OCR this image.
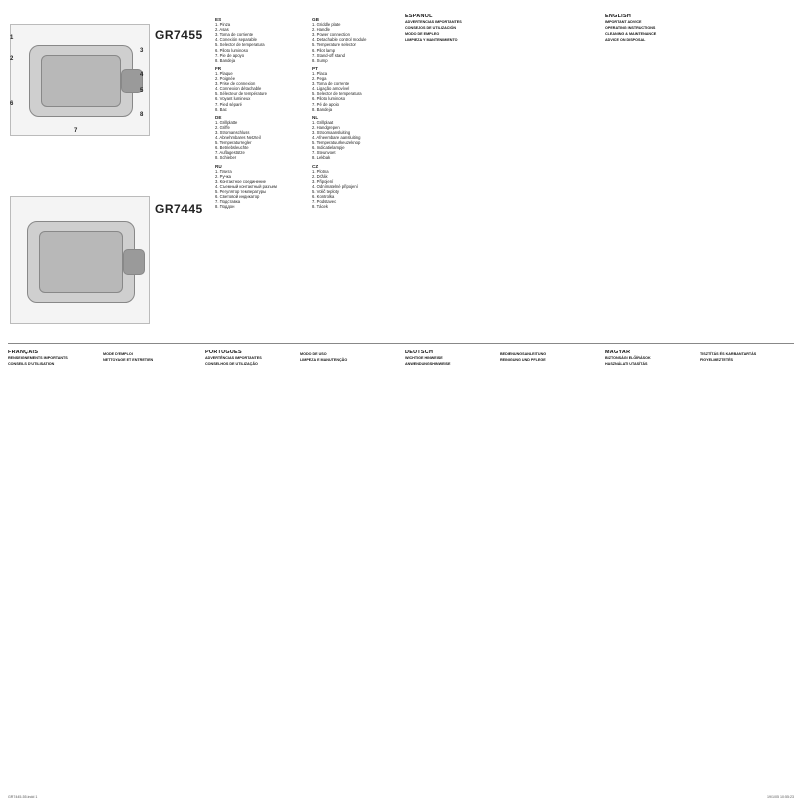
GR7455
GR7445
ES
1. Pinza
2. Asas
3. Toma de corriente
4. Conexión separable
5. Selector de temperatura
6. Piloto luminoso
7. Pie de apoyo
8. Bandeja
FR
1. Plaque
2. Poignée
3. Prise de connexion
4. Connexion détachable
5. Sélecteur de température
6. Voyant lumineux
7. Pied séparé
8. Bac
DE
1. Grillplatte
2. Griffe
3. Stromanschluss
4. Abnehmbares Netzteil
5. Temperaturregler
6. Betriebsleuchte
7. Auflagestütze
8. Schieber
RU
1. Плита
2. Ручка
3. Контактное соединение
4. Съемный контактный разъем
5. Регулятор температуры
6. Световой индикатор
7. Подставка
8. Поддон
GB
1. Griddle plate
2. Handle
3. Power connection
4. Detachable control module
5. Temperature selector
6. Pilot lamp
7. Stand-off stand
8. Sump
PT
1. Placa
2. Pega
3. Toma de corrente
4. Ligação amovível
5. Selector de temperatura
6. Piloto luminoso
7. Pé de apoio
8. Bandeja
NL
1. Grillplaat
2. Handgrepen
3. Stroomaansluiting
4. Afneembare aansluiting
5. Temperatuurkeuzeknop
6. Indicatielampje
7. Steunvoet
8. Lekbak
CZ
1. Plotna
2. Držák
3. Připojení
4. Odnímatelné připojení
5. Volič teploty
6. Kontrolka
7. Podstavec
8. Tácek
ESPAÑOL
ADVERTENCIAS IMPORTANTES
CONSEJOS DE UTILIZACIÓN
MODO DE EMPLEO
LIMPIEZA Y MANTENIMIENTO
ENGLISH
IMPORTANT ADVICE
OPERATING INSTRUCTIONS
CLEANING & MAINTENANCE
ADVICE ON DISPOSAL
FRANÇAIS
RENSEIGNEMENTS IMPORTANTS
CONSEILS D'UTILISATION
MODE D'EMPLOI
NETTOYAGE ET ENTRETIEN
PORTUGUES
ADVERTÊNCIAS IMPORTANTES
CONSELHOS DE UTILIZAÇÃO
MODO DE USO
LIMPEZA E MANUTENÇÃO
DEUTSCH
WICHTIGE HINWEISE
ANWENDUNGSHINWEISE
BEDIENUNGSANLEITUNG
REINIGUNG UND PFLEGE
MAGYAR
BIZTONSÁGI ELŐÍRÁSOK
HASZNÁLATI UTASÍTÁS
TISZTÍTÁS ÉS KARBANTARTÁS
FIGYELMEZTETÉS
GR7445-55.indd 1	19/1/05 10:55:23
1
2
3
4
5
6
7
8
